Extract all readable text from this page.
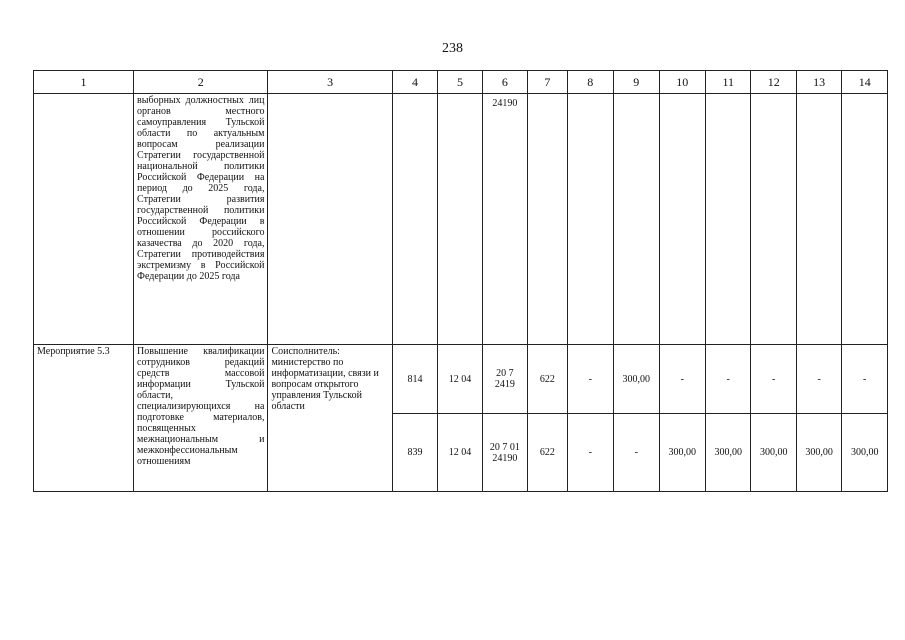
238
1	2	3	4	5	6	7	8	9	10	11	12	13	14
	выборных должностных лиц органов местного самоуправления Тульской области по актуальным вопросам реализации Стратегии государственной национальной политики Российской Федерации на период до 2025 года, Стратегии развития государственной политики Российской Федерации в отношении российского казачества до 2020 года, Стратегии противодействия экстремизму в Российской Федерации до 2025 года				24190								
Мероприятие 5.3	Повышение квалификации сотрудников редакций средств массовой информации Тульской области, специализирующихся на подготовке материалов, посвященных межнациональным и межконфессиональным отношениям	Соисполнитель: министерство по информатизации, связи и вопросам открытого управления Тульской области	814	12 04	20 7 2419	622	-	300,00	-	-	-	-	-
			839	12 04	20 7 01 24190	622	-	-	300,00	300,00	300,00	300,00	300,00
